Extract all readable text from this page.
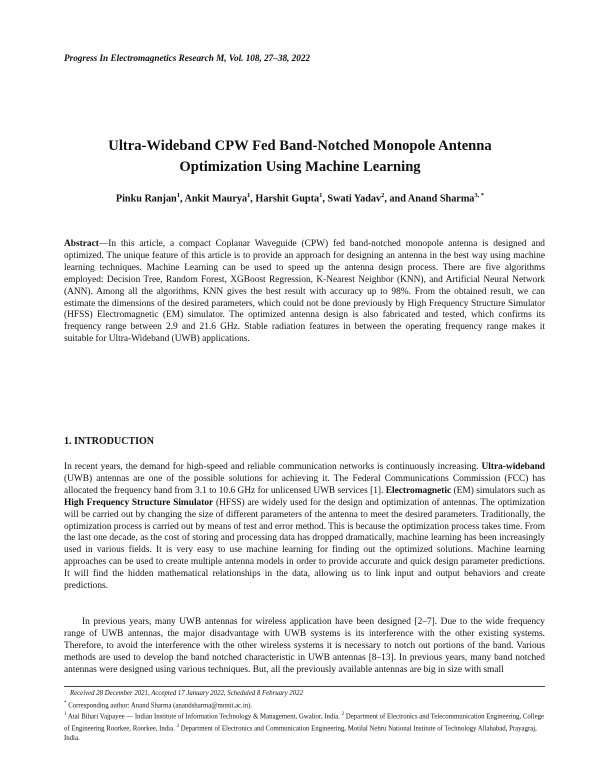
Progress In Electromagnetics Research M, Vol. 108, 27–38, 2022
Ultra-Wideband CPW Fed Band-Notched Monopole Antenna
Optimization Using Machine Learning
Pinku Ranjan$^1$, Ankit Maurya$^1$, Harshit Gupta$^1$, Swati Yadav$^2$, and Anand Sharma$^{3, *}$

Abstract—In this article, a compact Coplanar Waveguide (CPW) fed band-notched monopole antenna is designed and optimized. The unique feature of this article is to provide an approach for designing an antenna in the best way using machine learning techniques. Machine Learning can be used to speed up the antenna design process. There are five algorithms employed: Decision Tree, Random Forest, XGBoost Regression, K-Nearest Neighbor (KNN), and Artificial Neural Network (ANN). Among all the algorithms, KNN gives the best result with accuracy up to 98%. From the obtained result, we can estimate the dimensions of the desired parameters, which could not be done previously by High Frequency Structure Simulator (HFSS) Electromagnetic (EM) simulator. The optimized antenna design is also fabricated and tested, which confirms its frequency range between 2.9 and 21.6 GHz. Stable radiation features in between the operating frequency range makes it suitable for Ultra-Wideband (UWB) applications.

1. INTRODUCTION

In recent years, the demand for high-speed and reliable communication networks is continuously increasing. Ultra-wideband (UWB) antennas are one of the possible solutions for achieving it. The Federal Communications Commission (FCC) has allocated the frequency band from 3.1 to 10.6 GHz for unlicensed UWB services [1]. Electromagnetic (EM) simulators such as High Frequency Structure Simulator (HFSS) are widely used for the design and optimization of antennas. The optimization will be carried out by changing the size of different parameters of the antenna to meet the desired parameters. Traditionally, the optimization process is carried out by means of test and error method. This is because the optimization process takes time. From the last one decade, as the cost of storing and processing data has dropped dramatically, machine learning has been increasingly used in various fields. It is very easy to use machine learning for finding out the optimized solutions. Machine learning approaches can be used to create multiple antenna models in order to provide accurate and quick design parameter predictions. It will find the hidden mathematical relationships in the data, allowing us to link input and output behaviors and create predictions.

In previous years, many UWB antennas for wireless application have been designed [2–7]. Due to the wide frequency range of UWB antennas, the major disadvantage with UWB systems is its interference with the other existing systems. Therefore, to avoid the interference with the other wireless systems it is necessary to notch out portions of the band. Various methods are used to develop the band notched characteristic in UWB antennas [8–13]. In previous years, many band notched antennas were designed using various techniques. But, all the previously available antennas are big in size with small

Received 28 December 2021, Accepted 17 January 2022, Scheduled 8 February 2022
* Corresponding author: Anand Sharma (anandsharma@mnnit.ac.in).
$^1$ Atal Bihari Vajpayee — Indian Institute of Information Technology & Management, Gwalior, India. $^2$ Department of Electronics and Telecommunication Engineering, College of Engineering Roorkee, Roorkee, India. $^3$ Department of Electronics and Communication Engineering, Motilal Nehru National Institute of Technology Allahabad, Prayagraj, India.
